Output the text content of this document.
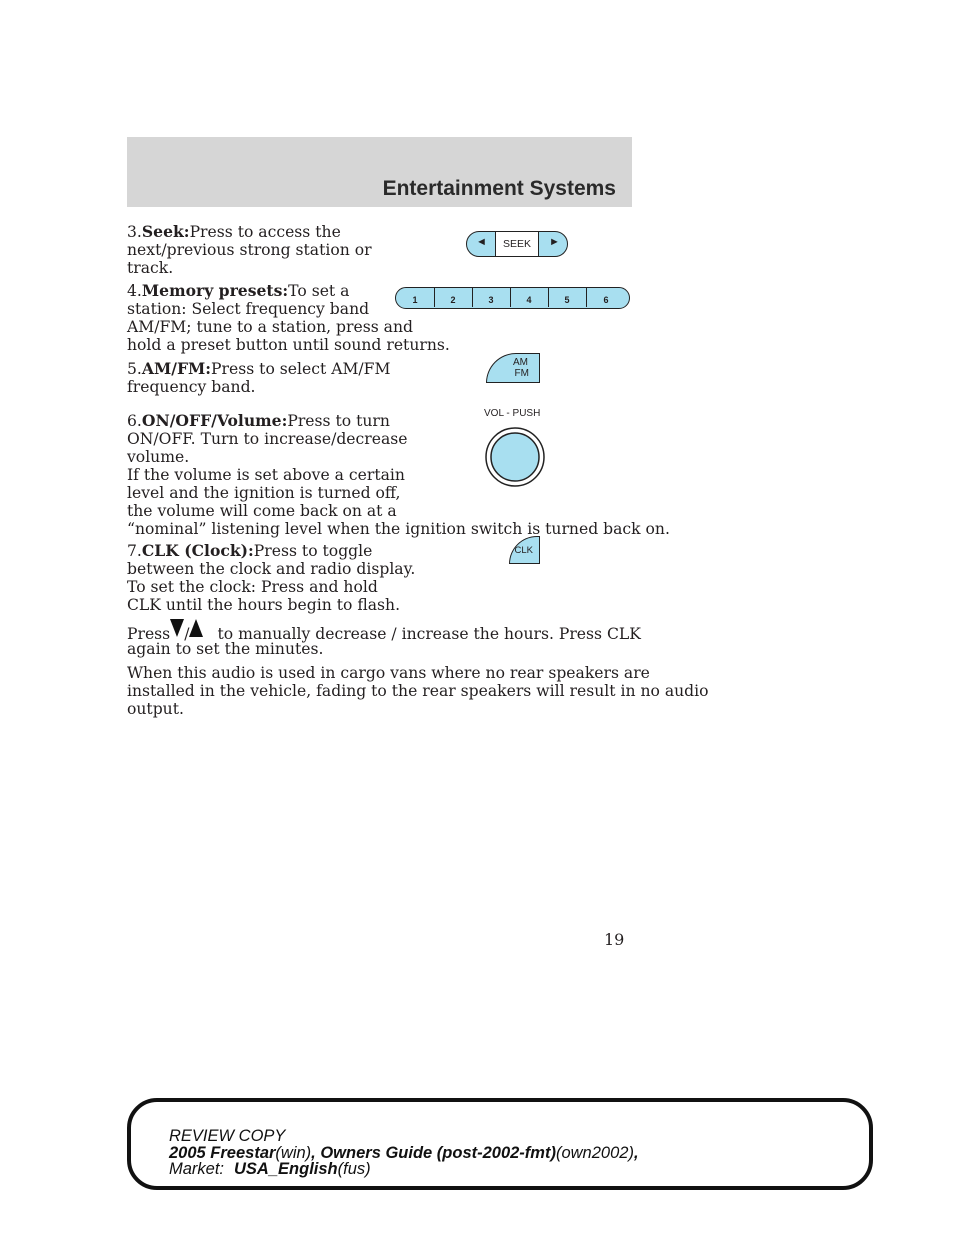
Entertainment Systems
3.Seek:Press to access the
next/previous strong station or
track.
4.Memory presets:To set a
station: Select frequency band
AM/FM; tune to a station, press and
hold a preset button until sound returns.
5.AM/FM:Press to select AM/FM
frequency band.
6.ON/OFF/Volume:Press to turn
ON/OFF. Turn to increase/decrease
volume.
If the volume is set above a certain
level and the ignition is turned off,
the volume will come back on at a
“nominal” listening level when the ignition switch is turned back on.
7.CLK (Clock):Press to toggle
between the clock and radio display.
To set the clock: Press and hold
CLK until the hours begin to flash.
Press / to manually decrease / increase the hours. Press CLK
again to set the minutes.
When this audio is used in cargo vans where no rear speakers are
installed in the vehicle, fading to the rear speakers will result in no audio
output.
◄	SEEK	►
1	2	3	4	5	6
AM
FM
VOL - PUSH
CLK
19
REVIEW COPY
2005 Freestar(win), Owners Guide (post-2002-fmt)(own2002),
Market: USA_English(fus)
